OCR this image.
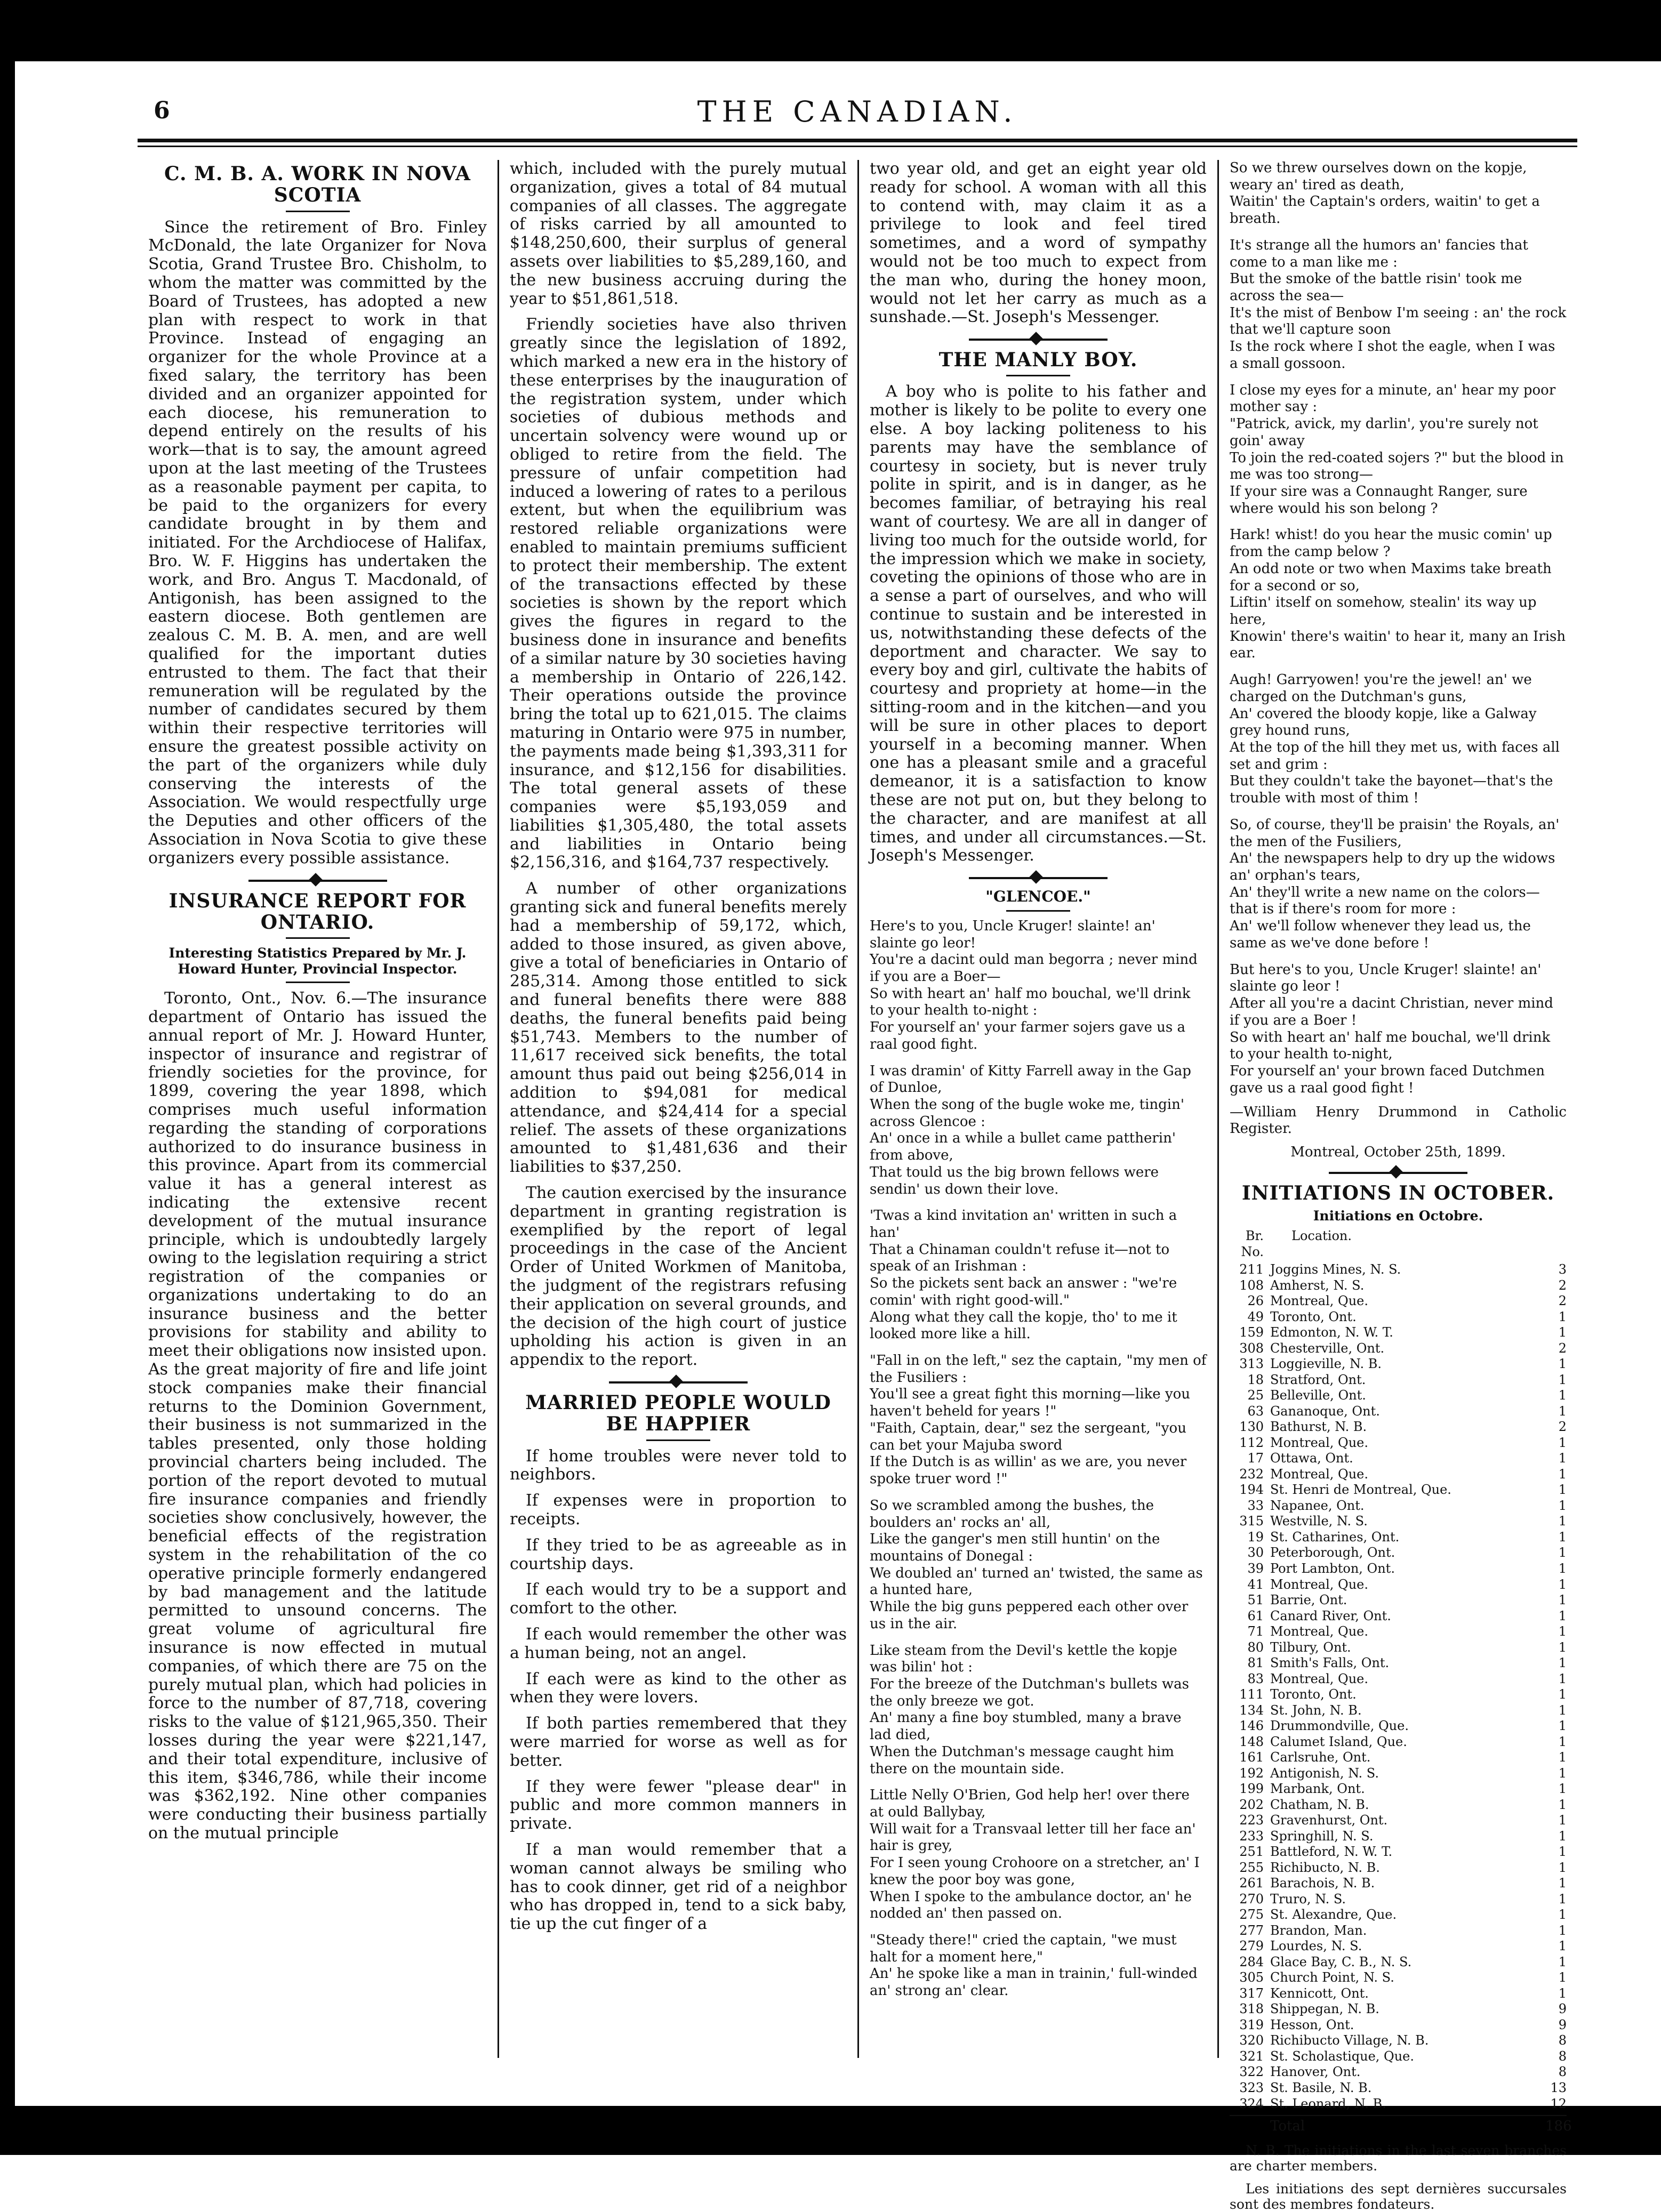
6	THE CANADIAN.
C. M. B. A. WORK IN NOVA SCOTIA

Since the retirement of Bro. Finley McDonald, the late Organizer for Nova Scotia, Grand Trustee Bro. Chisholm, to whom the matter was committed by the Board of Trustees, has adopted a new plan with respect to work in that Province. Instead of engaging an organizer for the whole Province at a fixed salary, the territory has been divided and an organizer appointed for each diocese, his remuneration to depend entirely on the results of his work—that is to say, the amount agreed upon at the last meeting of the Trustees as a reasonable payment per capita, to be paid to the organizers for every candidate brought in by them and initiated. For the Archdiocese of Halifax, Bro. W. F. Higgins has undertaken the work, and Bro. Angus T. Macdonald, of Antigonish, has been assigned to the eastern diocese. Both gentlemen are zealous C. M. B. A. men, and are well qualified for the important duties entrusted to them. The fact that their remuneration will be regulated by the number of candidates secured by them within their respective territories will ensure the greatest possible activity on the part of the organizers while duly conserving the interests of the Association. We would respectfully urge the Deputies and other officers of the Association in Nova Scotia to give these organizers every possible assistance.

INSURANCE REPORT FOR ONTARIO.
Interesting Statistics Prepared by Mr. J. Howard Hunter, Provincial Inspector.

Toronto, Ont., Nov. 6.—The insurance department of Ontario has issued the annual report of Mr. J. Howard Hunter, inspector of insurance and registrar of friendly societies for the province, for 1899, covering the year 1898, which comprises much useful information regarding the standing of corporations authorized to do insurance business in this province. Apart from its commercial value it has a general interest as indicating the extensive recent development of the mutual insurance principle, which is undoubtedly largely owing to the legislation requiring a strict registration of the companies or organizations undertaking to do an insurance business and the better provisions for stability and ability to meet their obligations now insisted upon. As the great majority of fire and life joint stock companies make their financial returns to the Dominion Government, their business is not summarized in the tables presented, only those holding provincial charters being included. The portion of the report devoted to mutual fire insurance companies and friendly societies show conclusively, however, the beneficial effects of the registration system in the rehabilitation of the co operative principle formerly endangered by bad management and the latitude permitted to unsound concerns. The great volume of agricultural fire insurance is now effected in mutual companies, of which there are 75 on the purely mutual plan, which had policies in force to the number of 87,718, covering risks to the value of $121,965,350. Their losses during the year were $221,147, and their total expenditure, inclusive of this item, $346,786, while their income was $362,192. Nine other companies were conducting their business partially on the mutual principle

which, included with the purely mutual organization, gives a total of 84 mutual companies of all classes. The aggregate of risks carried by all amounted to $148,250,600, their surplus of general assets over liabilities to $5,289,160, and the new business accruing during the year to $51,861,518.

Friendly societies have also thriven greatly since the legislation of 1892, which marked a new era in the history of these enterprises by the inauguration of the registration system, under which societies of dubious methods and uncertain solvency were wound up or obliged to retire from the field. The pressure of unfair competition had induced a lowering of rates to a perilous extent, but when the equilibrium was restored reliable organizations were enabled to maintain premiums sufficient to protect their membership. The extent of the transactions effected by these societies is shown by the report which gives the figures in regard to the business done in insurance and benefits of a similar nature by 30 societies having a membership in Ontario of 226,142. Their operations outside the province bring the total up to 621,015. The claims maturing in Ontario were 975 in number, the payments made being $1,393,311 for insurance, and $12,156 for disabilities. The total general assets of these companies were $5,193,059 and liabilities $1,305,480, the total assets and liabilities in Ontario being $2,156,316, and $164,737 respectively.

A number of other organizations granting sick and funeral benefits merely had a membership of 59,172, which, added to those insured, as given above, give a total of beneficiaries in Ontario of 285,314. Among those entitled to sick and funeral benefits there were 888 deaths, the funeral benefits paid being $51,743. Members to the number of 11,617 received sick benefits, the total amount thus paid out being $256,014 in addition to $94,081 for medical attendance, and $24,414 for a special relief. The assets of these organizations amounted to $1,481,636 and their liabilities to $37,250.

The caution exercised by the insurance department in granting registration is exemplified by the report of legal proceedings in the case of the Ancient Order of United Workmen of Manitoba, the judgment of the registrars refusing their application on several grounds, and the decision of the high court of justice upholding his action is given in an appendix to the report.

MARRIED PEOPLE WOULD BE HAPPIER

If home troubles were never told to neighbors.

If expenses were in proportion to receipts.

If they tried to be as agreeable as in courtship days.

If each would try to be a support and comfort to the other.

If each would remember the other was a human being, not an angel.

If each were as kind to the other as when they were lovers.

If both parties remembered that they were married for worse as well as for better.

If they were fewer "please dear" in public and more common manners in private.

If a man would remember that a woman cannot always be smiling who has to cook dinner, get rid of a neighbor who has dropped in, tend to a sick baby, tie up the cut finger of a

two year old, and get an eight year old ready for school. A woman with all this to contend with, may claim it as a privilege to look and feel tired sometimes, and a word of sympathy would not be too much to expect from the man who, during the honey moon, would not let her carry as much as a sunshade.—St. Joseph's Messenger.

THE MANLY BOY.

A boy who is polite to his father and mother is likely to be polite to every one else. A boy lacking politeness to his parents may have the semblance of courtesy in society, but is never truly polite in spirit, and is in danger, as he becomes familiar, of betraying his real want of courtesy. We are all in danger of living too much for the outside world, for the impression which we make in society, coveting the opinions of those who are in a sense a part of ourselves, and who will continue to sustain and be interested in us, notwithstanding these defects of the deportment and character. We say to every boy and girl, cultivate the habits of courtesy and propriety at home—in the sitting-room and in the kitchen—and you will be sure in other places to deport yourself in a becoming manner. When one has a pleasant smile and a graceful demeanor, it is a satisfaction to know these are not put on, but they belong to the character, and are manifest at all times, and under all circumstances.—St. Joseph's Messenger.

"GLENCOE."

Here's to you, Uncle Kruger! slainte! an' slainte go leor!

You're a dacint ould man begorra ; never mind if you are a Boer—

So with heart an' half mo bouchal, we'll drink to your health to-night :

For yourself an' your farmer sojers gave us a raal good fight.

I was dramin' of Kitty Farrell away in the Gap of Dunloe,

When the song of the bugle woke me, tingin' across Glencoe :

An' once in a while a bullet came pattherin' from above,

That tould us the big brown fellows were sendin' us down their love.

'Twas a kind invitation an' written in such a han'

That a Chinaman couldn't refuse it—not to speak of an Irishman :

So the pickets sent back an answer : "we're comin' with right good-will."

Along what they call the kopje, tho' to me it looked more like a hill.

"Fall in on the left," sez the captain, "my men of the Fusiliers :

You'll see a great fight this morning—like you haven't beheld for years !"

"Faith, Captain, dear," sez the sergeant, "you can bet your Majuba sword

If the Dutch is as willin' as we are, you never spoke truer word !"

So we scrambled among the bushes, the boulders an' rocks an' all,

Like the ganger's men still huntin' on the mountains of Donegal :

We doubled an' turned an' twisted, the same as a hunted hare,

While the big guns peppered each other over us in the air.

Like steam from the Devil's kettle the kopje was bilin' hot :

For the breeze of the Dutchman's bullets was the only breeze we got.

An' many a fine boy stumbled, many a brave lad died,

When the Dutchman's message caught him there on the mountain side.

Little Nelly O'Brien, God help her! over there at ould Ballybay,

Will wait for a Transvaal letter till her face an' hair is grey,

For I seen young Crohoore on a stretcher, an' I knew the poor boy was gone,

When I spoke to the ambulance doctor, an' he nodded an' then passed on.

"Steady there!" cried the captain, "we must halt for a moment here,"

An' he spoke like a man in trainin,' full-winded an' strong an' clear.

So we threw ourselves down on the kopje, weary an' tired as death,

Waitin' the Captain's orders, waitin' to get a breath.

It's strange all the humors an' fancies that come to a man like me :

But the smoke of the battle risin' took me across the sea—

It's the mist of Benbow I'm seeing : an' the rock that we'll capture soon

Is the rock where I shot the eagle, when I was a small gossoon.

I close my eyes for a minute, an' hear my poor mother say :

"Patrick, avick, my darlin', you're surely not goin' away

To join the red-coated sojers ?" but the blood in me was too strong—

If your sire was a Connaught Ranger, sure where would his son belong ?

Hark! whist! do you hear the music comin' up from the camp below ?

An odd note or two when Maxims take breath for a second or so,

Liftin' itself on somehow, stealin' its way up here,

Knowin' there's waitin' to hear it, many an Irish ear.

Augh! Garryowen! you're the jewel! an' we charged on the Dutchman's guns,

An' covered the bloody kopje, like a Galway grey hound runs,

At the top of the hill they met us, with faces all set and grim :

But they couldn't take the bayonet—that's the trouble with most of thim !

So, of course, they'll be praisin' the Royals, an' the men of the Fusiliers,

An' the newspapers help to dry up the widows an' orphan's tears,

An' they'll write a new name on the colors—that is if there's room for more :

An' we'll follow whenever they lead us, the same as we've done before !

But here's to you, Uncle Kruger! slainte! an' slainte go leor !

After all you're a dacint Christian, never mind if you are a Boer !

So with heart an' half me bouchal, we'll drink to your health to-night,

For yourself an' your brown faced Dutchmen gave us a raal good fight !

—William Henry Drummond in Catholic Register.

Montreal, October 25th, 1899.

INITIATIONS IN OCTOBER.
Initiations en Octobre.
Br. No.
Location.
211 Joggins Mines, N. S.	3
108 Amherst, N. S.	2
26 Montreal, Que.	2
49 Toronto, Ont.	1
159 Edmonton, N. W. T.	1
308 Chesterville, Ont.	2
313 Loggieville, N. B.	1
18 Stratford, Ont.	1
25 Belleville, Ont.	1
63 Gananoque, Ont.	1
130 Bathurst, N. B.	2
112 Montreal, Que.	1
17 Ottawa, Ont.	1
232 Montreal, Que.	1
194 St. Henri de Montreal, Que.	1
33 Napanee, Ont.	1
315 Westville, N. S.	1
19 St. Catharines, Ont.	1
30 Peterborough, Ont.	1
39 Port Lambton, Ont.	1
41 Montreal, Que.	1
51 Barrie, Ont.	1
61 Canard River, Ont.	1
71 Montreal, Que.	1
80 Tilbury, Ont.	1
81 Smith's Falls, Ont.	1
83 Montreal, Que.	1
111 Toronto, Ont.	1
134 St. John, N. B.	1
146 Drummondville, Que.	1
148 Calumet Island, Que.	1
161 Carlsruhe, Ont.	1
192 Antigonish, N. S.	1
199 Marbank, Ont.	1
202 Chatham, N. B.	1
223 Gravenhurst, Ont.	1
233 Springhill, N. S.	1
251 Battleford, N. W. T.	1
255 Richibucto, N. B.	1
261 Barachois, N. B.	1
270 Truro, N. S.	1
275 St. Alexandre, Que.	1
277 Brandon, Man.	1
279 Lourdes, N. S.	1
284 Glace Bay, C. B., N. S.	1
305 Church Point, N. S.	1
317 Kennicott, Ont.	1
318 Shippegan, N. B.	9
319 Hesson, Ont.	9
320 Richibucto Village, N. B.	8
321 St. Scholastique, Que.	8
322 Hanover, Ont.	8
323 St. Basile, N. B.	13
324 St. Leonard, N. B.	12
Total	186

N. B. The initiations in the last seven branches are charter members.

Les initiations des sept dernières succursales sont des membres fondateurs.
